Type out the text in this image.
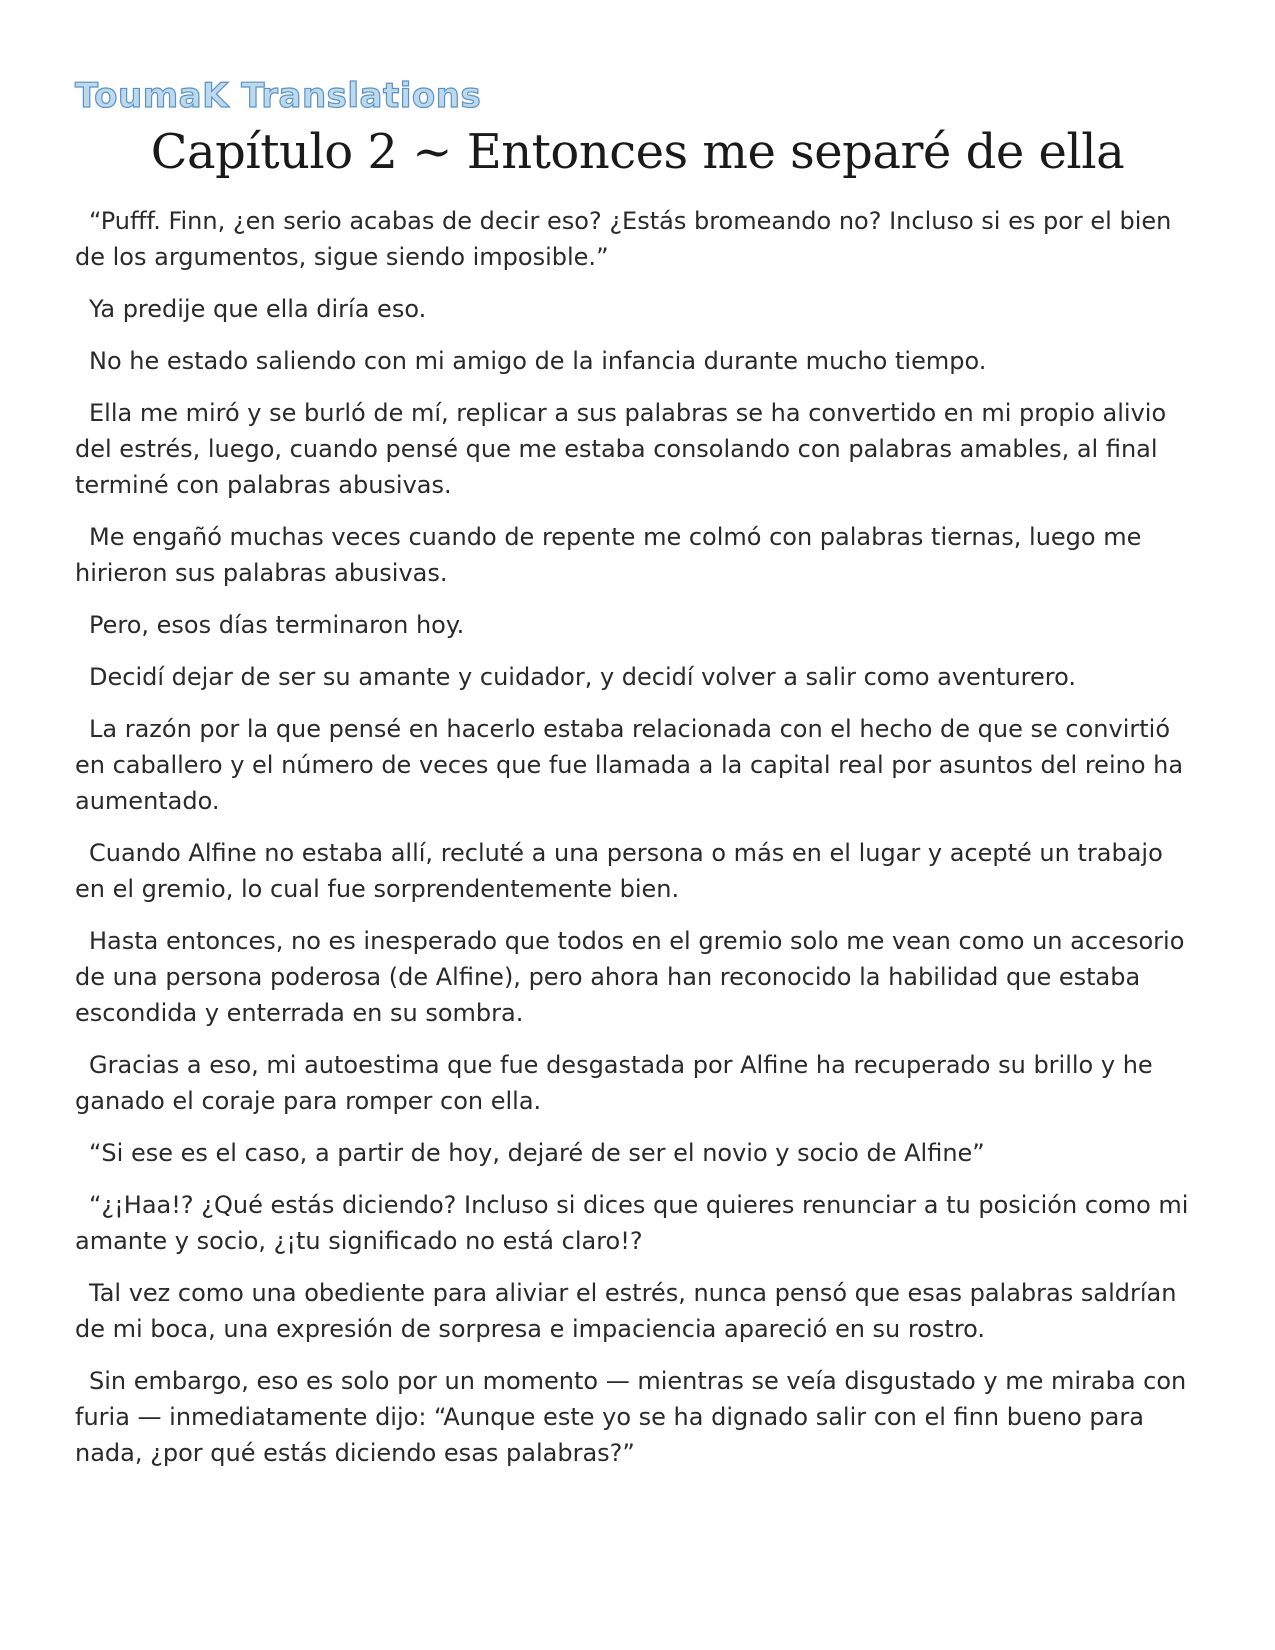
ToumaK Translations
Capítulo 2 ~ Entonces me separé de ella

“Pufff. Finn, ¿en serio acabas de decir eso? ¿Estás bromeando no? Incluso si es por el bien de los argumentos, sigue siendo imposible.”

Ya predije que ella diría eso.

No he estado saliendo con mi amigo de la infancia durante mucho tiempo.

Ella me miró y se burló de mí, replicar a sus palabras se ha convertido en mi propio alivio del estrés, luego, cuando pensé que me estaba consolando con palabras amables, al final terminé con palabras abusivas.

Me engañó muchas veces cuando de repente me colmó con palabras tiernas, luego me hirieron sus palabras abusivas.

Pero, esos días terminaron hoy.

Decidí dejar de ser su amante y cuidador, y decidí volver a salir como aventurero.

La razón por la que pensé en hacerlo estaba relacionada con el hecho de que se convirtió en caballero y el número de veces que fue llamada a la capital real por asuntos del reino ha aumentado.

Cuando Alfine no estaba allí, recluté a una persona o más en el lugar y acepté un trabajo en el gremio, lo cual fue sorprendentemente bien.

Hasta entonces, no es inesperado que todos en el gremio solo me vean como un accesorio de una persona poderosa (de Alfine), pero ahora han reconocido la habilidad que estaba escondida y enterrada en su sombra.

Gracias a eso, mi autoestima que fue desgastada por Alfine ha recuperado su brillo y he ganado el coraje para romper con ella.

“Si ese es el caso, a partir de hoy, dejaré de ser el novio y socio de Alfine”

“¿¡Haa!? ¿Qué estás diciendo? Incluso si dices que quieres renunciar a tu posición como mi amante y socio, ¿¡tu significado no está claro!?

Tal vez como una obediente para aliviar el estrés, nunca pensó que esas palabras saldrían de mi boca, una expresión de sorpresa e impaciencia apareció en su rostro.

Sin embargo, eso es solo por un momento — mientras se veía disgustado y me miraba con furia — inmediatamente dijo: “Aunque este yo se ha dignado salir con el finn bueno para nada, ¿por qué estás diciendo esas palabras?”
